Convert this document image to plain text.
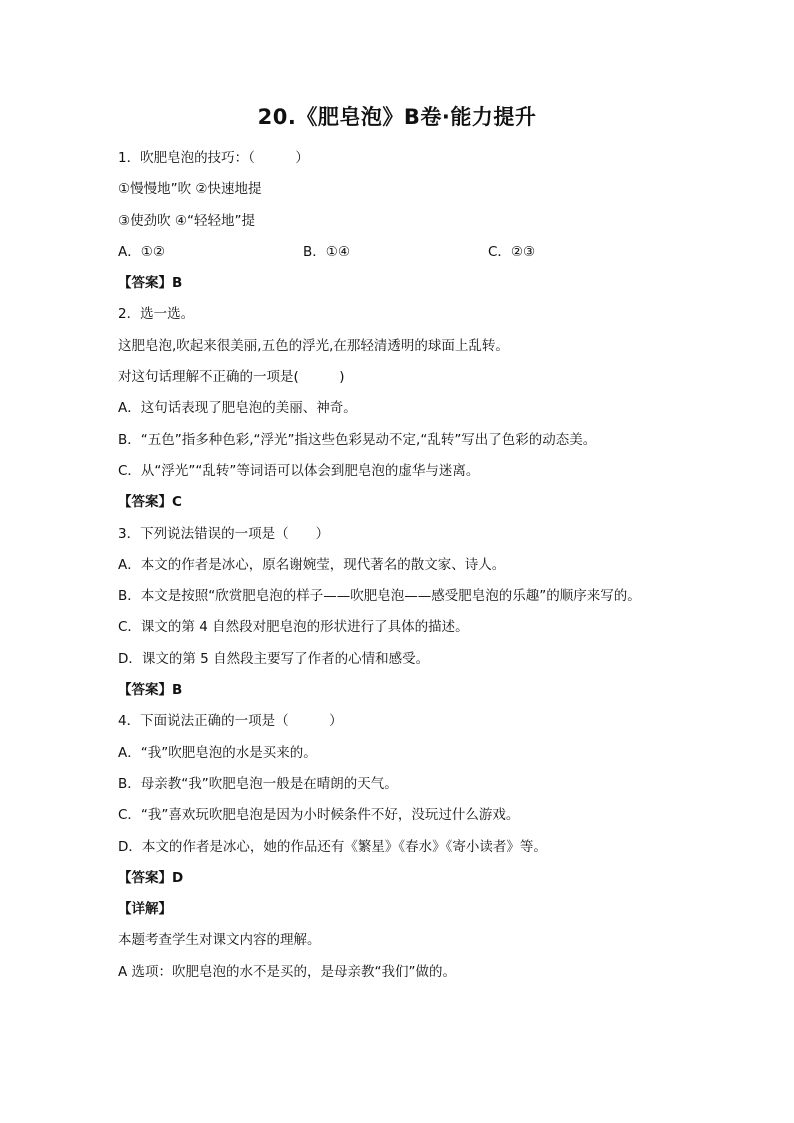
20.《肥皂泡》B卷·能力提升
1．吹肥皂泡的技巧：（　　　）
①慢慢地”吹 ②快速地提
③使劲吹 ④“轻轻地”提
A．①②	B．①④	C．②③
【答案】B
2．选一选。
这肥皂泡,吹起来很美丽,五色的浮光,在那轻清透明的球面上乱转。
对这句话理解不正确的一项是(　　　)
A．这句话表现了肥皂泡的美丽、神奇。
B．“五色”指多种色彩,“浮光”指这些色彩晃动不定,“乱转”写出了色彩的动态美。
C．从“浮光”“乱转”等词语可以体会到肥皂泡的虚华与迷离。
【答案】C
3．下列说法错误的一项是（　　）
A．本文的作者是冰心，原名谢婉莹，现代著名的散文家、诗人。
B．本文是按照“欣赏肥皂泡的样子——吹肥皂泡——感受肥皂泡的乐趣”的顺序来写的。
C．课文的第 4 自然段对肥皂泡的形状进行了具体的描述。
D．课文的第 5 自然段主要写了作者的心情和感受。
【答案】B
4．下面说法正确的一项是（　　　）
A．“我”吹肥皂泡的水是买来的。
B．母亲教“我”吹肥皂泡一般是在晴朗的天气。
C．“我”喜欢玩吹肥皂泡是因为小时候条件不好，没玩过什么游戏。
D．本文的作者是冰心，她的作品还有《繁星》《春水》《寄小读者》等。
【答案】D
【详解】
本题考查学生对课文内容的理解。
A 选项：吹肥皂泡的水不是买的，是母亲教“我们”做的。
